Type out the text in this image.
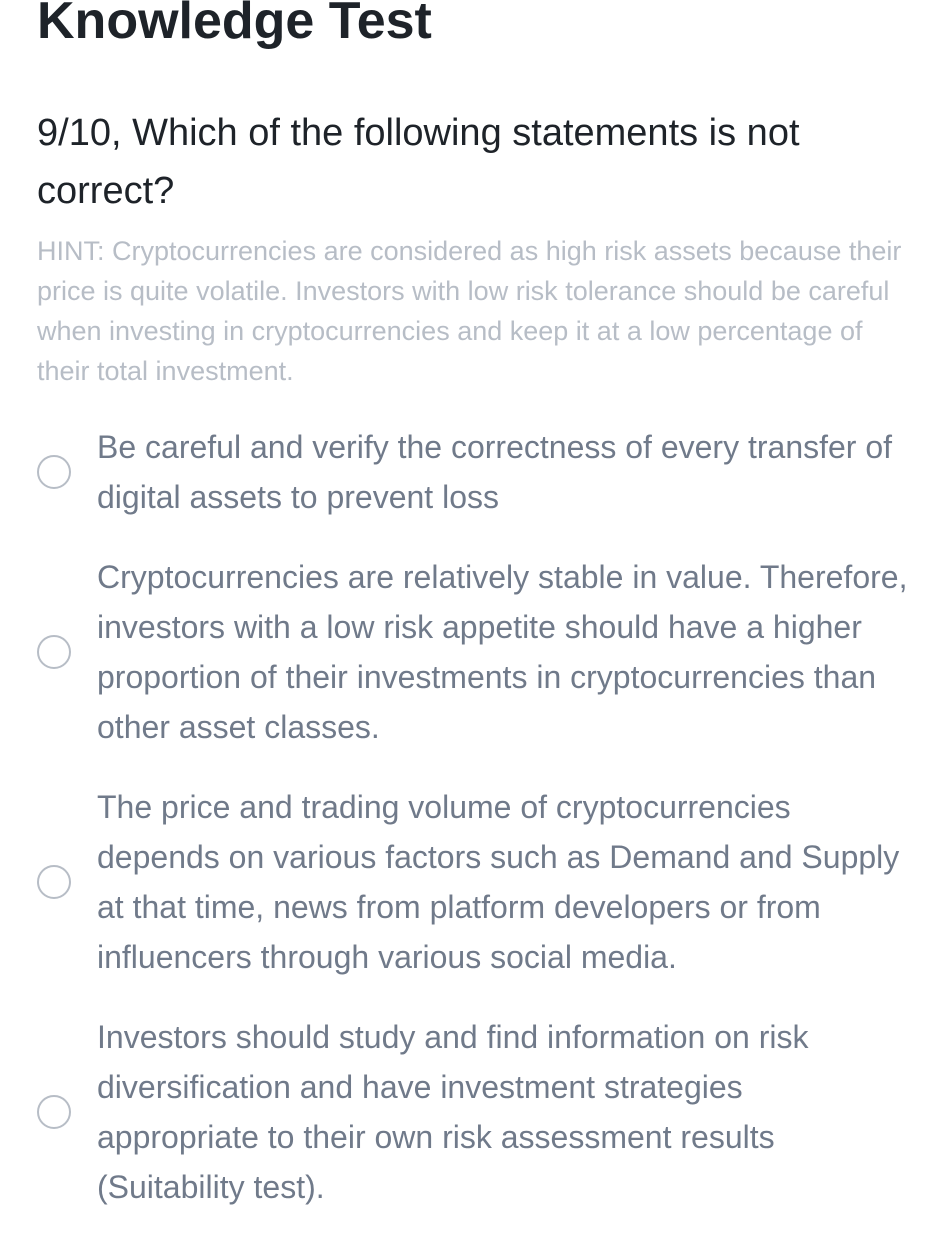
Knowledge Test
9/10, Which of the following statements is not correct?

HINT: Cryptocurrencies are considered as high risk assets because their price is quite volatile. Investors with low risk tolerance should be careful when investing in cryptocurrencies and keep it at a low percentage of their total investment.

Be careful and verify the correctness of every transfer of digital assets to prevent loss
Cryptocurrencies are relatively stable in value. Therefore, investors with a low risk appetite should have a higher proportion of their investments in cryptocurrencies than other asset classes.
The price and trading volume of cryptocurrencies depends on various factors such as Demand and Supply at that time, news from platform developers or from influencers through various social media.
Investors should study and find information on risk diversification and have investment strategies appropriate to their own risk assessment results (Suitability test).
